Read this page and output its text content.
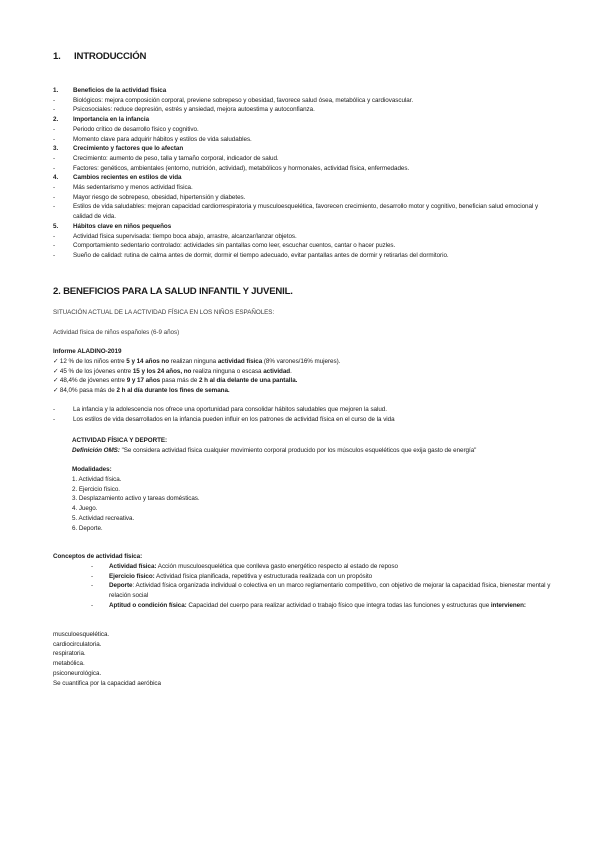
1. INTRODUCCIÓN
1. Beneficios de la actividad física
-	Biológicos: mejora composición corporal, previene sobrepeso y obesidad, favorece salud ósea, metabólica y cardiovascular.
-	Psicosociales: reduce depresión, estrés y ansiedad, mejora autoestima y autoconfianza.
2. Importancia en la infancia
-	Periodo crítico de desarrollo físico y cognitivo.
-	Momento clave para adquirir hábitos y estilos de vida saludables.
3. Crecimiento y factores que lo afectan
-	Crecimiento: aumento de peso, talla y tamaño corporal, indicador de salud.
-	Factores: genéticos, ambientales (entorno, nutrición, actividad), metabólicos y hormonales, actividad física, enfermedades.
4. Cambios recientes en estilos de vida
-	Más sedentarismo y menos actividad física.
-	Mayor riesgo de sobrepeso, obesidad, hipertensión y diabetes.
-	Estilos de vida saludables: mejoran capacidad cardiorrespiratoria y musculoesquelética, favorecen crecimiento, desarrollo motor y cognitivo, benefician salud emocional y calidad de vida.
5. Hábitos clave en niños pequeños
-	Actividad física supervisada: tiempo boca abajo, arrastre, alcanzar/lanzar objetos.
-	Comportamiento sedentario controlado: actividades sin pantallas como leer, escuchar cuentos, cantar o hacer puzles.
-	Sueño de calidad: rutina de calma antes de dormir, dormir el tiempo adecuado, evitar pantallas antes de dormir y retirarlas del dormitorio.
2. BENEFICIOS PARA LA SALUD INFANTIL Y JUVENIL.
SITUACIÓN ACTUAL DE LA ACTIVIDAD FÍSICA EN LOS NIÑOS ESPAÑOLES:
Actividad física de niños españoles (6-9 años)
Informe ALADINO-2019
✓ 12 % de los niños entre 5 y 14 años no realizan ninguna actividad física (8% varones/16% mujeres).
✓ 45 % de los jóvenes entre 15 y los 24 años, no realiza ninguna o escasa actividad.
✓ 48,4% de jóvenes entre 9 y 17 años pasa más de 2 h al día delante de una pantalla.
✓ 84,0% pasa más de 2 h al día durante los fines de semana.
-	La infancia y la adolescencia nos ofrece una oportunidad para consolidar hábitos saludables que mejoren la salud.
-	Los estilos de vida desarrollados en la infancia pueden influir en los patrones de actividad física en el curso de la vida
ACTIVIDAD FÍSICA Y DEPORTE:
Definición OMS: "Se considera actividad física cualquier movimiento corporal producido por los músculos esqueléticos que exija gasto de energía"
Modalidades:
1. Actividad física.
2. Ejercicio físico.
3. Desplazamiento activo y tareas domésticas.
4. Juego.
5. Actividad recreativa.
6. Deporte.
Conceptos de actividad física:
-	Actividad física: Acción musculoesquelética que conlleva gasto energético respecto al estado de reposo
-	Ejercicio físico: Actividad física planificada, repetitiva y estructurada realizada con un propósito
-	Deporte: Actividad física organizada individual o colectiva en un marco reglamentario competitivo, con objetivo de mejorar la capacidad física, bienestar mental y relación social
-	Aptitud o condición física: Capacidad del cuerpo para realizar actividad o trabajo físico que integra todas las funciones y estructuras que intervienen:
musculoesquelética.
cardiocirculatoria.
respiratoria.
metabólica.
psiconeurológica.
Se cuantifica por la capacidad aeróbica
